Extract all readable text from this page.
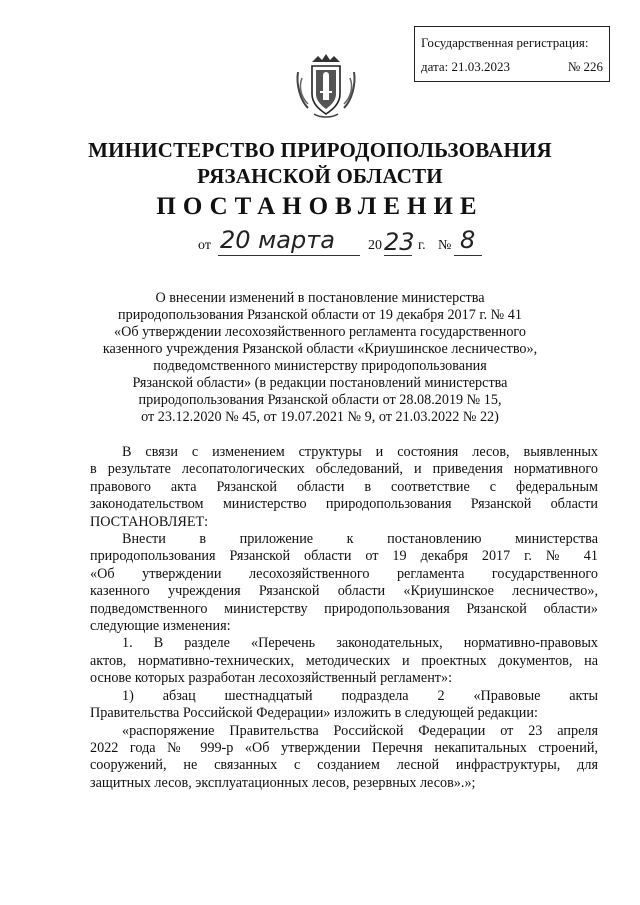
Государственная регистрация:
дата: 21.03.2023	№ 226
МИНИСТЕРСТВО ПРИРОДОПОЛЬЗОВАНИЯ
РЯЗАНСКОЙ ОБЛАСТИ
ПОСТАНОВЛЕНИЕ
от 20 марта 20 23 г. № 8
О внесении изменений в постановление министерства
природопользования Рязанской области от 19 декабря 2017 г. № 41
«Об утверждении лесохозяйственного регламента государственного
казенного учреждения Рязанской области «Криушинское лесничество»,
подведомственного министерству природопользования
Рязанской области» (в редакции постановлений министерства
природопользования Рязанской области от 28.08.2019 № 15,
от 23.12.2020 № 45, от 19.07.2021 № 9, от 21.03.2022 № 22)
В связи с изменением структуры и состояния лесов, выявленных
в результате лесопатологических обследований, и приведения нормативного
правового акта Рязанской области в соответствие с федеральным
законодательством министерство природопользования Рязанской области
ПОСТАНОВЛЯЕТ:
Внести в приложение к постановлению министерства
природопользования Рязанской области от 19 декабря 2017 г. № 41
«Об утверждении лесохозяйственного регламента государственного
казенного учреждения Рязанской области «Криушинское лесничество»,
подведомственного министерству природопользования Рязанской области»
следующие изменения:
1. В разделе «Перечень законодательных, нормативно-правовых
актов, нормативно-технических, методических и проектных документов, на
основе которых разработан лесохозяйственный регламент»:
1) абзац шестнадцатый подраздела 2 «Правовые акты
Правительства Российской Федерации» изложить в следующей редакции:
«распоряжение Правительства Российской Федерации от 23 апреля
2022 года № 999-р «Об утверждении Перечня некапитальных строений,
сооружений, не связанных с созданием лесной инфраструктуры, для
защитных лесов, эксплуатационных лесов, резервных лесов».»;
